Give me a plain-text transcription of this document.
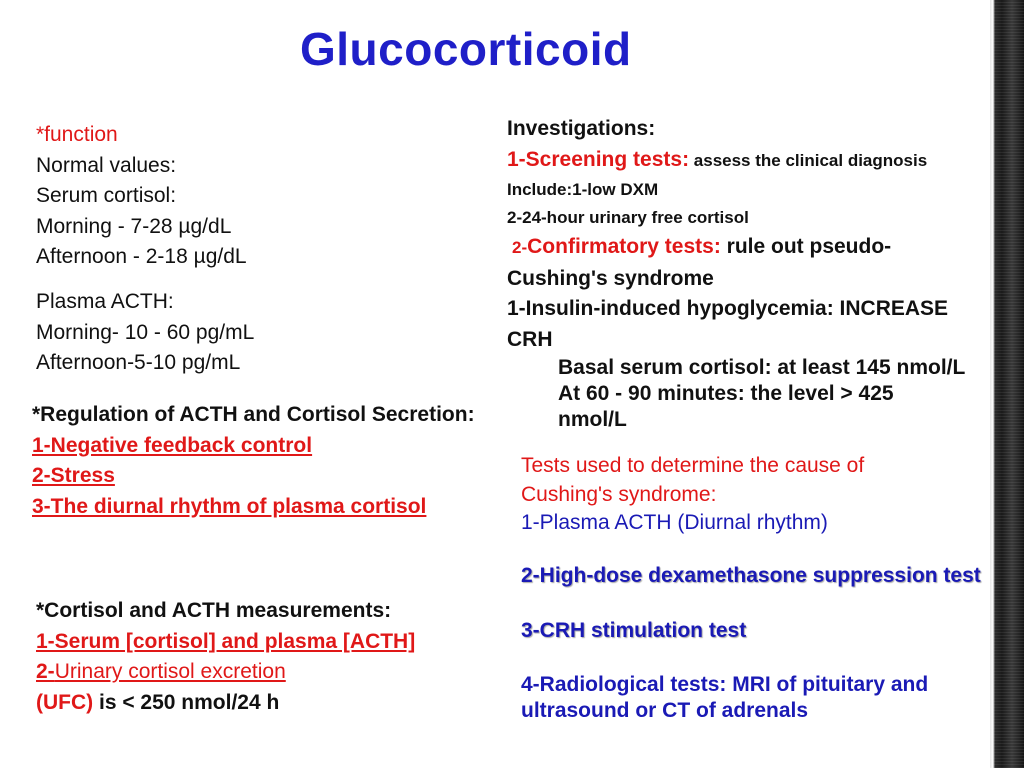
Glucocorticoid
*function
Normal values:
Serum cortisol:
Morning - 7-28 µg/dL
Afternoon - 2-18 µg/dL
Plasma ACTH:
Morning- 10 - 60 pg/mL
Afternoon-5-10 pg/mL
*Regulation of ACTH and Cortisol Secretion:
1-Negative feedback control
2-Stress
3-The diurnal rhythm of plasma cortisol
*Cortisol and ACTH measurements:
1-Serum [cortisol] and plasma [ACTH]
2-Urinary cortisol excretion
(UFC) is < 250 nmol/24 h
Investigations:
1-Screening tests: assess the clinical diagnosis
Include:1-low DXM
2-24-hour urinary free cortisol
2-Confirmatory tests: rule out pseudo-
Cushing's syndrome
1-Insulin-induced hypoglycemia: INCREASE
CRH
Basal serum cortisol: at least 145 nmol/L
At 60 - 90 minutes: the level > 425
nmol/L
Tests used to determine the cause of
Cushing's syndrome:
1-Plasma ACTH (Diurnal rhythm)
2-High-dose dexamethasone suppression test
3-CRH stimulation test
4-Radiological tests: MRI of pituitary and ultrasound or CT of adrenals
